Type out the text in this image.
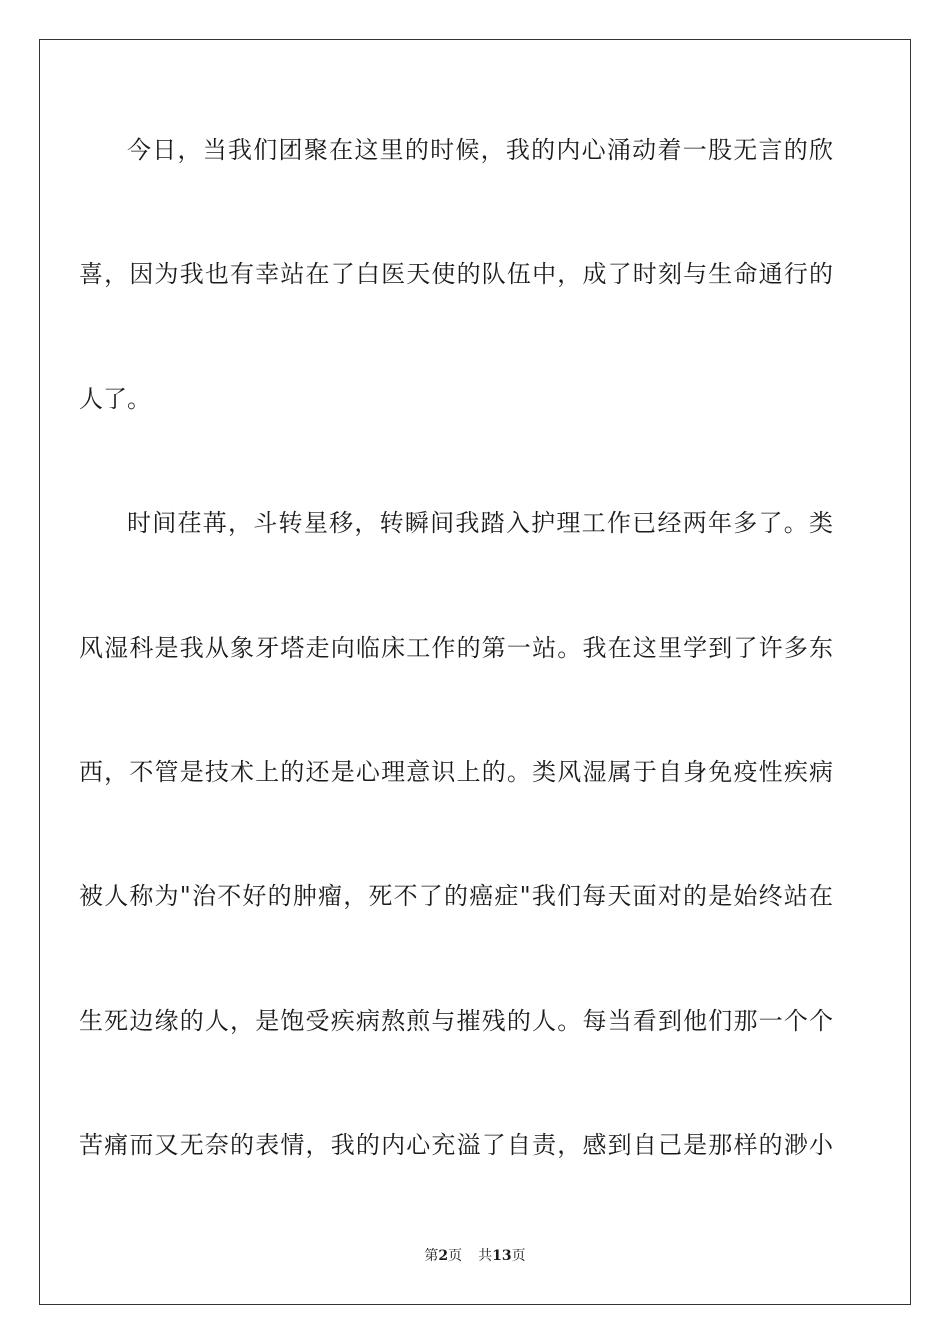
今日，当我们团聚在这里的时候，我的内心涌动着一股无言的欣

喜，因为我也有幸站在了白医天使的队伍中，成了时刻与生命通行的

人了。

时间荏苒，斗转星移，转瞬间我踏入护理工作已经两年多了。类

风湿科是我从象牙塔走向临床工作的第一站。我在这里学到了许多东

西，不管是技术上的还是心理意识上的。类风湿属于自身免疫性疾病

被人称为"治不好的肿瘤，死不了的癌症"我们每天面对的是始终站在

生死边缘的人，是饱受疾病熬煎与摧残的人。每当看到他们那一个个

苦痛而又无奈的表情，我的内心充溢了自责，感到自己是那样的渺小

第2页 共13页
